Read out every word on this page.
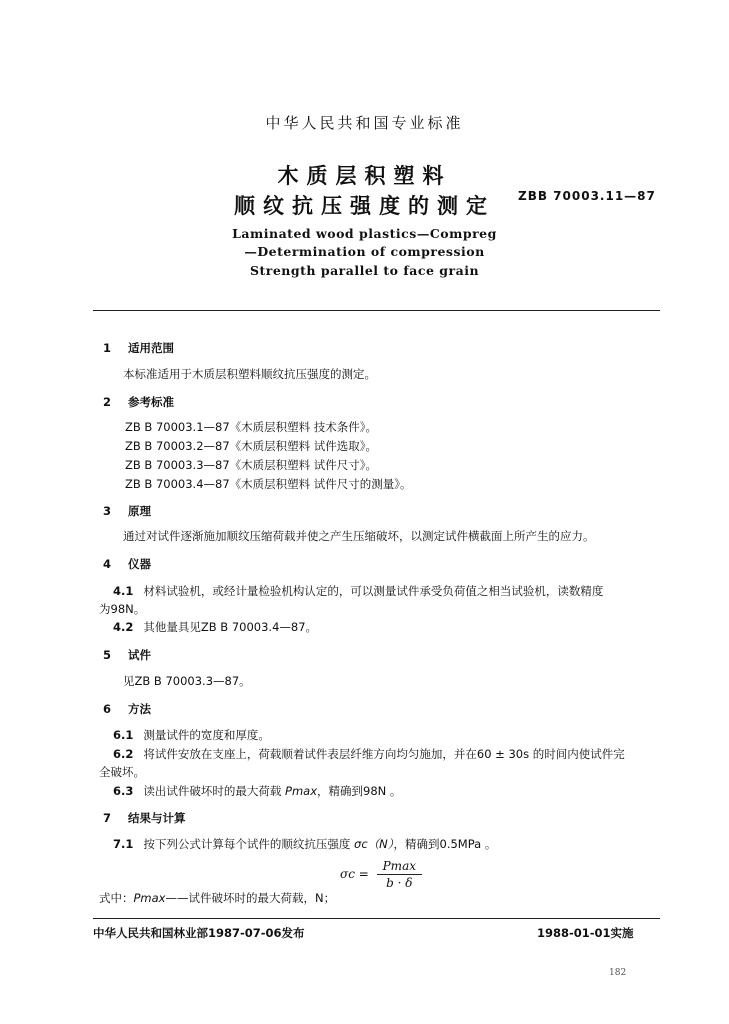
中华人民共和国专业标准
木质层积塑料
顺纹抗压强度的测定	ZBB 70003.11—87
Laminated wood plastics—Compreg
—Determination of compression
Strength parallel to face grain
1 适用范围
本标准适用于木质层积塑料顺纹抗压强度的测定。
2 参考标准
ZB B 70003.1—87《木质层积塑料 技术条件》。
ZB B 70003.2—87《木质层积塑料 试件选取》。
ZB B 70003.3—87《木质层积塑料 试件尺寸》。
ZB B 70003.4—87《木质层积塑料 试件尺寸的测量》。
3 原理
通过对试件逐渐施加顺纹压缩荷载并使之产生压缩破坏，以测定试件横截面上所产生的应力。
4 仪器
4.1 材料试验机，或经计量检验机构认定的，可以测量试件承受负荷值之相当试验机，读数精度
为98N。
4.2 其他量具见ZB B 70003.4—87。
5 试件
见ZB B 70003.3—87。
6 方法
6.1 测量试件的宽度和厚度。
6.2 将试件安放在支座上，荷载顺着试件表层纤维方向均匀施加，并在60 ± 30s 的时间内使试件完
全破坏。
6.3 读出试件破坏时的最大荷载 Pmax，精确到98N 。
7 结果与计算
7.1 按下列公式计算每个试件的顺纹抗压强度 σc（N），精确到0.5MPa 。
$\sigma c = \frac{Pmax}{b \cdot \delta}$
式中：Pmax——试件破坏时的最大荷载，N；
中华人民共和国林业部1987-07-06发布	1988-01-01实施
182
